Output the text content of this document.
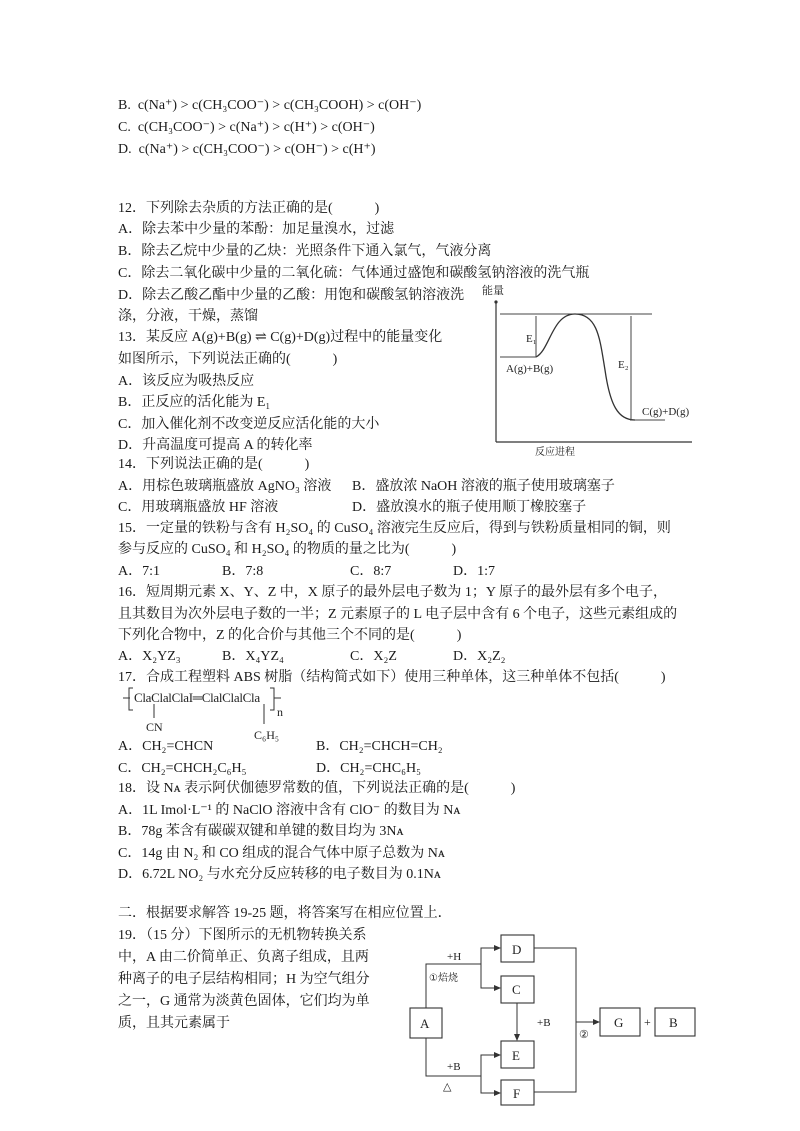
B. c(Na⁺) > c(CH₃COO⁻) > c(CH₃COOH) > c(OH⁻)
C. c(CH₃COO⁻) > c(Na⁺) > c(H⁺) > c(OH⁻)
D. c(Na⁺) > c(CH₃COO⁻) > c(OH⁻) > c(H⁺)
12．下列除去杂质的方法正确的是(　　　)
A．除去苯中少量的苯酚：加足量溴水，过滤
B．除去乙烷中少量的乙炔：光照条件下通入氯气，气液分离
C．除去二氧化碳中少量的二氧化硫：气体通过盛饱和碳酸氢钠溶液的洗气瓶
D．除去乙酸乙酯中少量的乙酸：用饱和碳酸氢钠溶液洗
涤，分液，干燥，蒸馏
13．某反应 A(g)+B(g) ⇌ C(g)+D(g)过程中的能量变化
如图所示，下列说法正确的(　　　)
A．该反应为吸热反应
B．正反应的活化能为 E₁
C．加入催化剂不改变逆反应活化能的大小
D．升高温度可提高 A 的转化率
能量
E₁
E₂
A(g)+B(g)
C(g)+D(g)
反应进程
14．下列说法正确的是(　　　)
A．用棕色玻璃瓶盛放 AgNO₃ 溶液 B．盛放浓 NaOH 溶液的瓶子使用玻璃塞子
C．用玻璃瓶盛放 HF 溶液	D．盛放溴水的瓶子使用顺丁橡胶塞子
15．一定量的铁粉与含有 H₂SO₄ 的 CuSO₄ 溶液完生反应后，得到与铁粉质量相同的铜，则
参与反应的 CuSO₄ 和 H₂SO₄ 的物质的量之比为(　　　)
A．7:1	B．7:8	C．8:7	D．1:7
16．短周期元素 X、Y、Z 中，X 原子的最外层电子数为 1；Y 原子的最外层有多个电子，
且其数目为次外层电子数的一半；Z 元素原子的 L 电子层中含有 6 个电子，这些元素组成的
下列化合物中，Z 的化合价与其他三个不同的是(　　　)
A．X₂YZ₃	B．X₄YZ₄	C．X₂Z	D．X₂Z₂
17．合成工程塑料 ABS 树脂（结构简式如下）使用三种单体，这三种单体不包括(　　　)
ClaClalClaI═ClalClalCla
n
CN
C₆H₅
A．CH₂=CHCN	B．CH₂=CHCH=CH₂
C．CH₂=CHCH₂C₆H₅	D．CH₂=CHC₆H₅
18．设 Nᴀ 表示阿伏伽德罗常数的值，下列说法正确的是(　　　)
A．1L Imol·L⁻¹ 的 NaClO 溶液中含有 ClO⁻ 的数目为 Nᴀ
B．78g 苯含有碳碳双键和单键的数目均为 3Nᴀ
C．14g 由 N₂ 和 CO 组成的混合气体中原子总数为 Nᴀ
D．6.72L NO₂ 与水充分反应转移的电子数目为 0.1Nᴀ
二．根据要求解答 19-25 题，将答案写在相应位置上．
19．（15 分）下图所示的无机物转换关系
中，A 由二价简单正、负离子组成，且两
种离子的电子层结构相同；H 为空气组分
之一，G 通常为淡黄色固体，它们均为单
质，且其元素属于	A
D
C
E
F
G	B
+
+H
①焙烧
+B
+B
△
②
